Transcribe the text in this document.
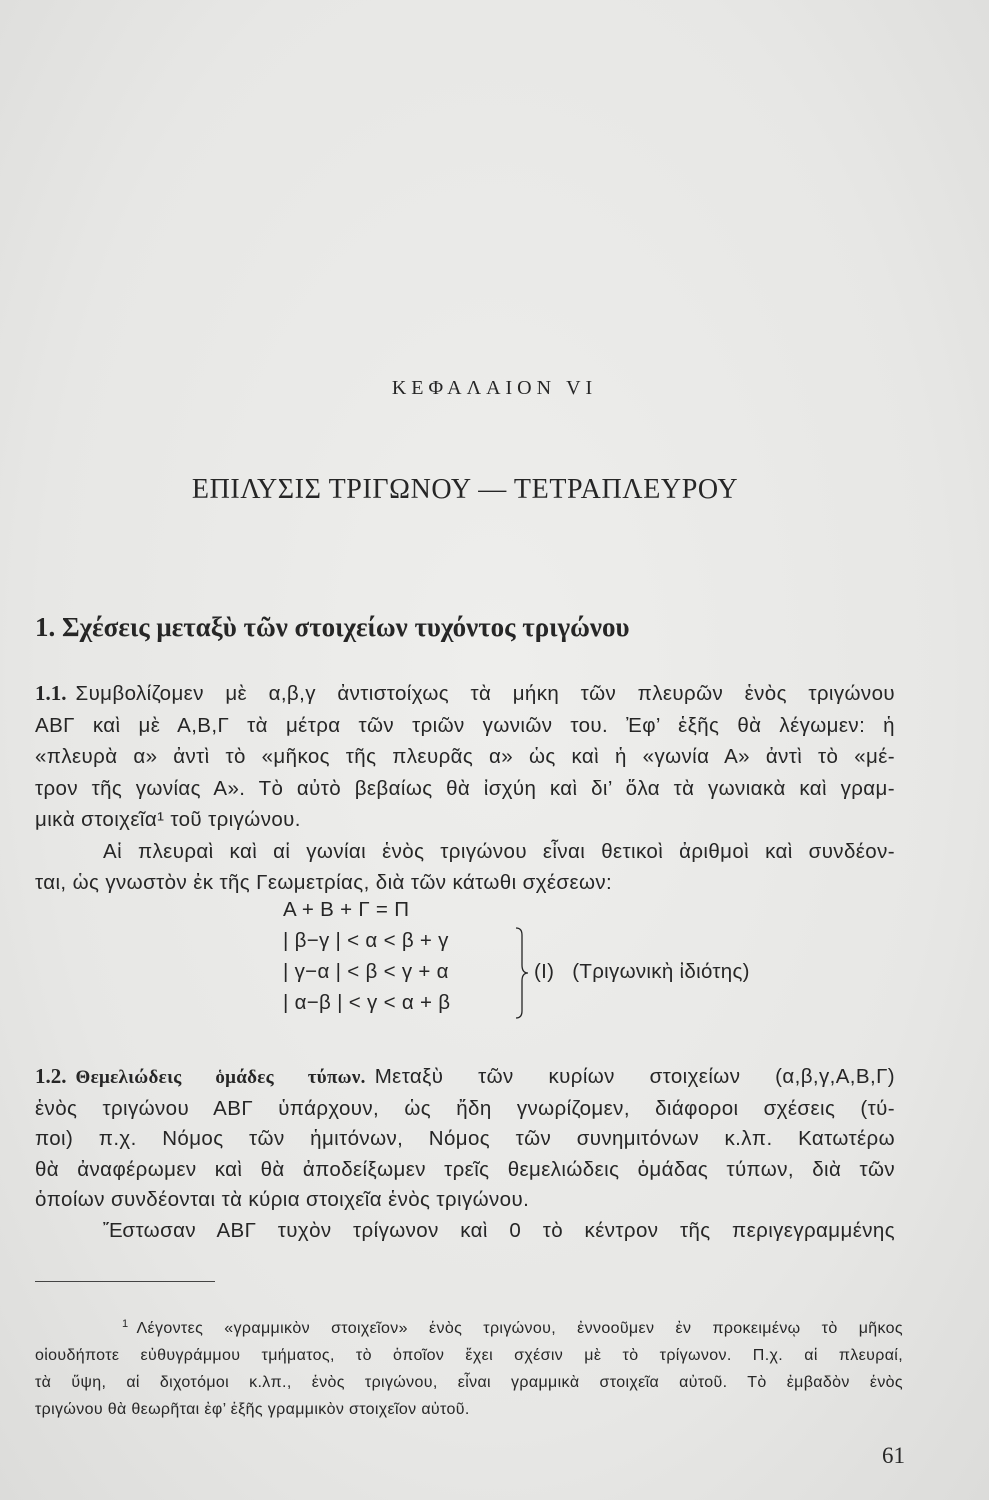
ΚΕΦΑΛΑΙΟΝ VI
ΕΠΙΛΥΣΙΣ ΤΡΙΓΩΝΟΥ — ΤΕΤΡΑΠΛΕΥΡΟΥ
1. Σχέσεις μεταξὺ τῶν στοιχείων τυχόντος τριγώνου
1.1. Συμβολίζομεν μὲ α,β,γ ἀντιστοίχως τὰ μήκη τῶν πλευρῶν ἑνὸς τριγώνου
ΑΒΓ καὶ μὲ Α,Β,Γ τὰ μέτρα τῶν τριῶν γωνιῶν του. Ἐφ’ ἑξῆς θὰ λέγωμεν: ἡ
«πλευρὰ α» ἀντὶ τὸ «μῆκος τῆς πλευρᾶς α» ὡς καὶ ἡ «γωνία Α» ἀντὶ τὸ «μέ-
τρον τῆς γωνίας Α». Τὸ αὐτὸ βεβαίως θὰ ἰσχύη καὶ δι’ ὅλα τὰ γωνιακὰ καὶ γραμ-
μικὰ στοιχεῖα¹ τοῦ τριγώνου.
Αἱ πλευραὶ καὶ αἱ γωνίαι ἑνὸς τριγώνου εἶναι θετικοὶ ἀριθμοὶ καὶ συνδέον-
ται, ὡς γνωστὸν ἐκ τῆς Γεωμετρίας, διὰ τῶν κάτωθι σχέσεων:
Α + Β + Γ = Π
| β−γ | < α < β + γ
| γ−α | < β < γ + α
| α−β | < γ < α + β
(I) (Τριγωνικὴ ἰδιότης)
1.2. Θεμελιώδεις ὁμάδες τύπων. Μεταξὺ τῶν κυρίων στοιχείων (α,β,γ,Α,Β,Γ)
ἑνὸς τριγώνου ΑΒΓ ὑπάρχουν, ὡς ἤδη γνωρίζομεν, διάφοροι σχέσεις (τύ-
ποι) π.χ. Νόμος τῶν ἡμιτόνων, Νόμος τῶν συνημιτόνων κ.λπ. Κατωτέρω
θὰ ἀναφέρωμεν καὶ θὰ ἀποδείξωμεν τρεῖς θεμελιώδεις ὁμάδας τύπων, διὰ τῶν
ὁποίων συνδέονται τὰ κύρια στοιχεῖα ἑνὸς τριγώνου.
Ἔστωσαν ΑΒΓ τυχὸν τρίγωνον καὶ 0 τὸ κέντρον τῆς περιγεγραμμένης
$^1$ Λέγοντες «γραμμικὸν στοιχεῖον» ἑνὸς τριγώνου, ἐννοοῦμεν ἐν προκειμένῳ τὸ μῆκος
οἱουδήποτε εὐθυγράμμου τμήματος, τὸ ὁποῖον ἔχει σχέσιν μὲ τὸ τρίγωνον. Π.χ. αἱ πλευραί,
τὰ ὕψη, αἱ διχοτόμοι κ.λπ., ἑνὸς τριγώνου, εἶναι γραμμικὰ στοιχεῖα αὐτοῦ. Τὸ ἐμβαδὸν ἑνὸς
τριγώνου θὰ θεωρῆται ἐφ’ ἑξῆς γραμμικὸν στοιχεῖον αὐτοῦ.
61
